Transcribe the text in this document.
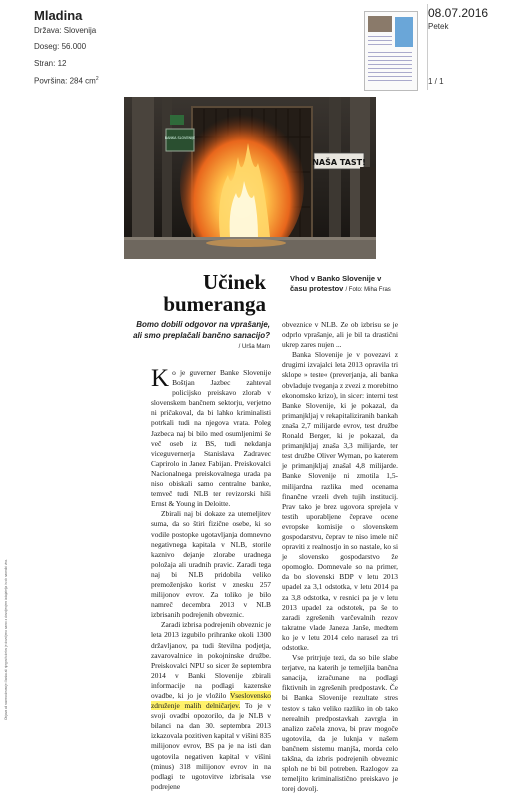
Mladina
Država: Slovenija
Doseg: 56.000
Stran: 12
Površina: 284 $cm^2$
08.07.2016
Petek
1 / 1
BANKA SLOVENIJE
NAŠA TAST!
Učinek
bumeranga
Vhod v Banko Slovenije v času protestov / Foto: Miha Fras
Bomo dobili odgovor na vprašanje, ali smo preplačali bančno sanacijo? / Urša Marn

Ko je guverner Banke Slovenije Boštjan Jazbec zahteval policijsko preiskavo zlorab v slovenskem bančnem sektorju, verjetno ni pričakoval, da bi lahko kriminalisti potrkali tudi na njegova vrata. Poleg Jazbeca naj bi bilo med osumljenimi še več oseb iz BS, tudi nekdanja viceguvernerja Stanislava Zadravec Caprirolo in Janez Fabijan. Preiskovalci Nacionalnega preiskovalnega urada pa niso obiskali samo centralne banke, temveč tudi NLB ter revizorski hiši Ernst & Young in Deloitte.

Zbirali naj bi dokaze za utemeljitev suma, da so štiri fizične osebe, ki so vodile postopke ugotavljanja domnevno negativnega kapitala v NLB, storile kaznivo dejanje zlorabe uradnega položaja ali uradnih pravic. Zaradi tega naj bi NLB pridobila veliko premoženjsko korist v znesku 257 milijonov evrov. Za toliko je bilo namreč decembra 2013 v NLB izbrisanih podrejenih obveznic.

Zaradi izbrisa podrejenih obveznic je leta 2013 izgubilo prihranke okoli 1300 državljanov, pa tudi številna podjetja, zavarovalnice in pokojninske družbe. Preiskovalci NPU so sicer že septembra 2014 v Banki Slovenije zbirali informacije na podlagi kazenske ovadbe, ki jo je vložilo Vseslovensko združenje malih delničarjev. To je v svoji ovadbi opozorilo, da je NLB v bilanci na dan 30. septembra 2013 izkazovala pozitiven kapital v višini 835 milijonov evrov, BS pa je na isti dan ugotovila negativen kapital v višini (minus) 318 milijonov evrov in na podlagi te ugotovitve izbrisala vse podrejene

obveznice v NLB. Ze ob izbrisu se je odprlo vprašanje, ali je bil ta drastični ukrep zares nujen ...

Banka Slovenije je v povezavi z drugimi izvajalci leta 2013 opravila tri sklope » teste« (preverjanja, ali banka obvladuje tveganja z zvezi z morebitno ekonomsko krizo), in sicer: interni test Banke Slovenije, ki je pokazal, da primanjkljaj v rekapitaliziranih bankah znaša 2,7 milijarde evrov, test družbe Ronald Berger, ki je pokazal, da primanjkljaj znaša 3,3 milijarde, ter test družbe Oliver Wyman, po katerem je primanjkljaj znašal 4,8 milijarde. Banke Slovenije ni zmotila 1,5-milijardna razlika med ocenama finančne vrzeli dveh tujih institucij. Prav tako je brez ugovora sprejela v testih uporabljene čeprave ocene evropske komisije o slovenskem gospodarstvu, čeprav te niso imele nič opraviti z realnostjo in so nastale, ko si je slovensko gospodarstvo že opomoglo. Domnevale so na primer, da bo slovenski BDP v letu 2013 upadel za 3,1 odstotka, v letu 2014 pa za 3,8 odstotka, v resnici pa je v letu 2013 upadel za odstotek, pa še to zaradi zgrešenih varčevalnih rezov takratne vlade Janeza Janše, medtem ko je v letu 2014 celo narasel za tri odstotke.

Vse pritrjuje tezi, da so bile slabe terjatve, na katerih je temeljila bančna sanacija, izračunane na podlagi fiktivnih in zgrešenih predpostavk. Če bi Banka Slovenije rezultate stres testov s tako veliko razliko in ob tako nerealnih predpostavkah zavrgla in analizo začela znova, bi prav mogoče ugotovila, da je luknja v našem bančnem sistemu manjša, morda celo takšna, da izbris podrejenih obveznic sploh ne bi bil potreben. Razlogov za temeljito kriminalistično preiskavo je torej dovolj.

Objava ali razmnoževanje članka ali njegovih delov je dovoljeno samo z dovoljenjem izdajatelja in ob navedbi vira.
